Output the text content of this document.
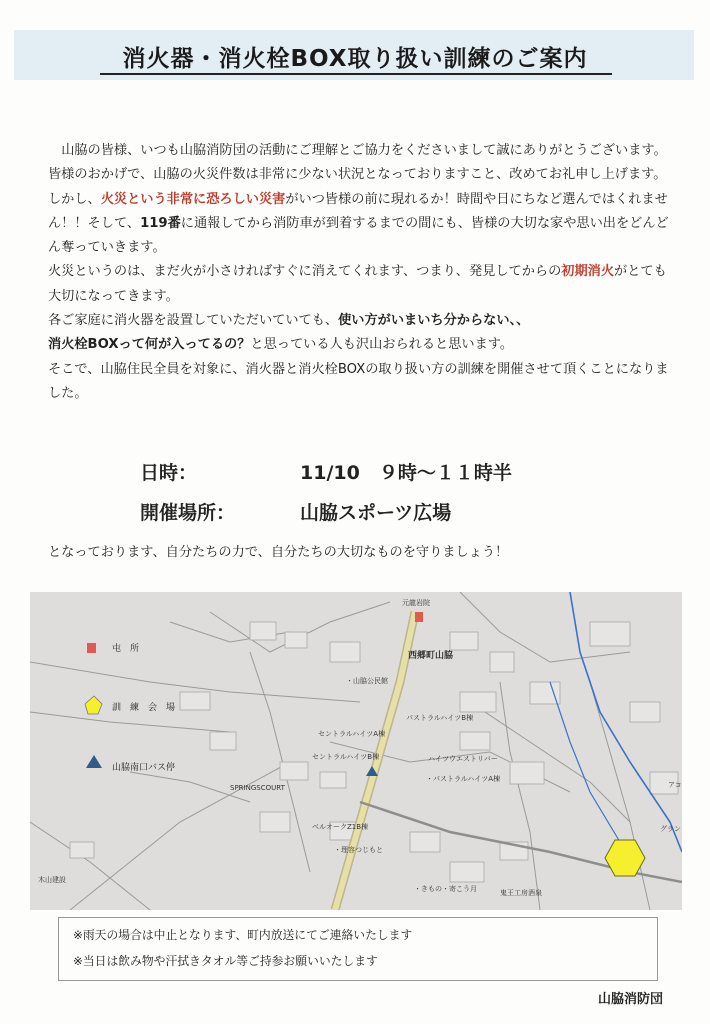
消火器・消火栓BOX取り扱い訓練のご案内

山脇の皆様、いつも山脇消防団の活動にご理解とご協力をくださいまして誠にありがとうございます。

皆様のおかげで、山脇の火災件数は非常に少ない状況となっておりますこと、改めてお礼申し上げます。

しかし、火災という非常に恐ろしい災害がいつ皆様の前に現れるか！時間や日にちなど選んではくれません！！そして、119番に通報してから消防車が到着するまでの間にも、皆様の大切な家や思い出をどんどん奪っていきます。

火災というのは、まだ火が小さければすぐに消えてくれます、つまり、発見してからの初期消火がとても大切になってきます。

各ご家庭に消火器を設置していただいていても、使い方がいまいち分からない、、
消火栓BOXって何が入ってるの？と思っている人も沢山おられると思います。

そこで、山脇住民全員を対象に、消火器と消火栓BOXの取り扱い方の訓練を開催させて頂くことになりました。

日時：	11/10　９時～１１時半
開催場所：	山脇スポーツ広場
となっております、自分たちの力で、自分たちの大切なものを守りましょう！
屯　所
訓　練　会　場
山脇南口バス停
元龍岩院
西郷町山脇
・山脇公民館
パストラルハイツB棟
セントラルハイツA棟
セントラルハイツB棟	ハイツウエストリバー
・パストラルハイツA棟
SPRINGSCOURT
ベルオークZ1B棟
・理容つじもと
・きもの・寄こう月	鬼王工房酒泉
木山建設
アコ
グラン
※雨天の場合は中止となります、町内放送にてご連絡いたします
※当日は飲み物や汗拭きタオル等ご持参お願いいたします
山脇消防団
